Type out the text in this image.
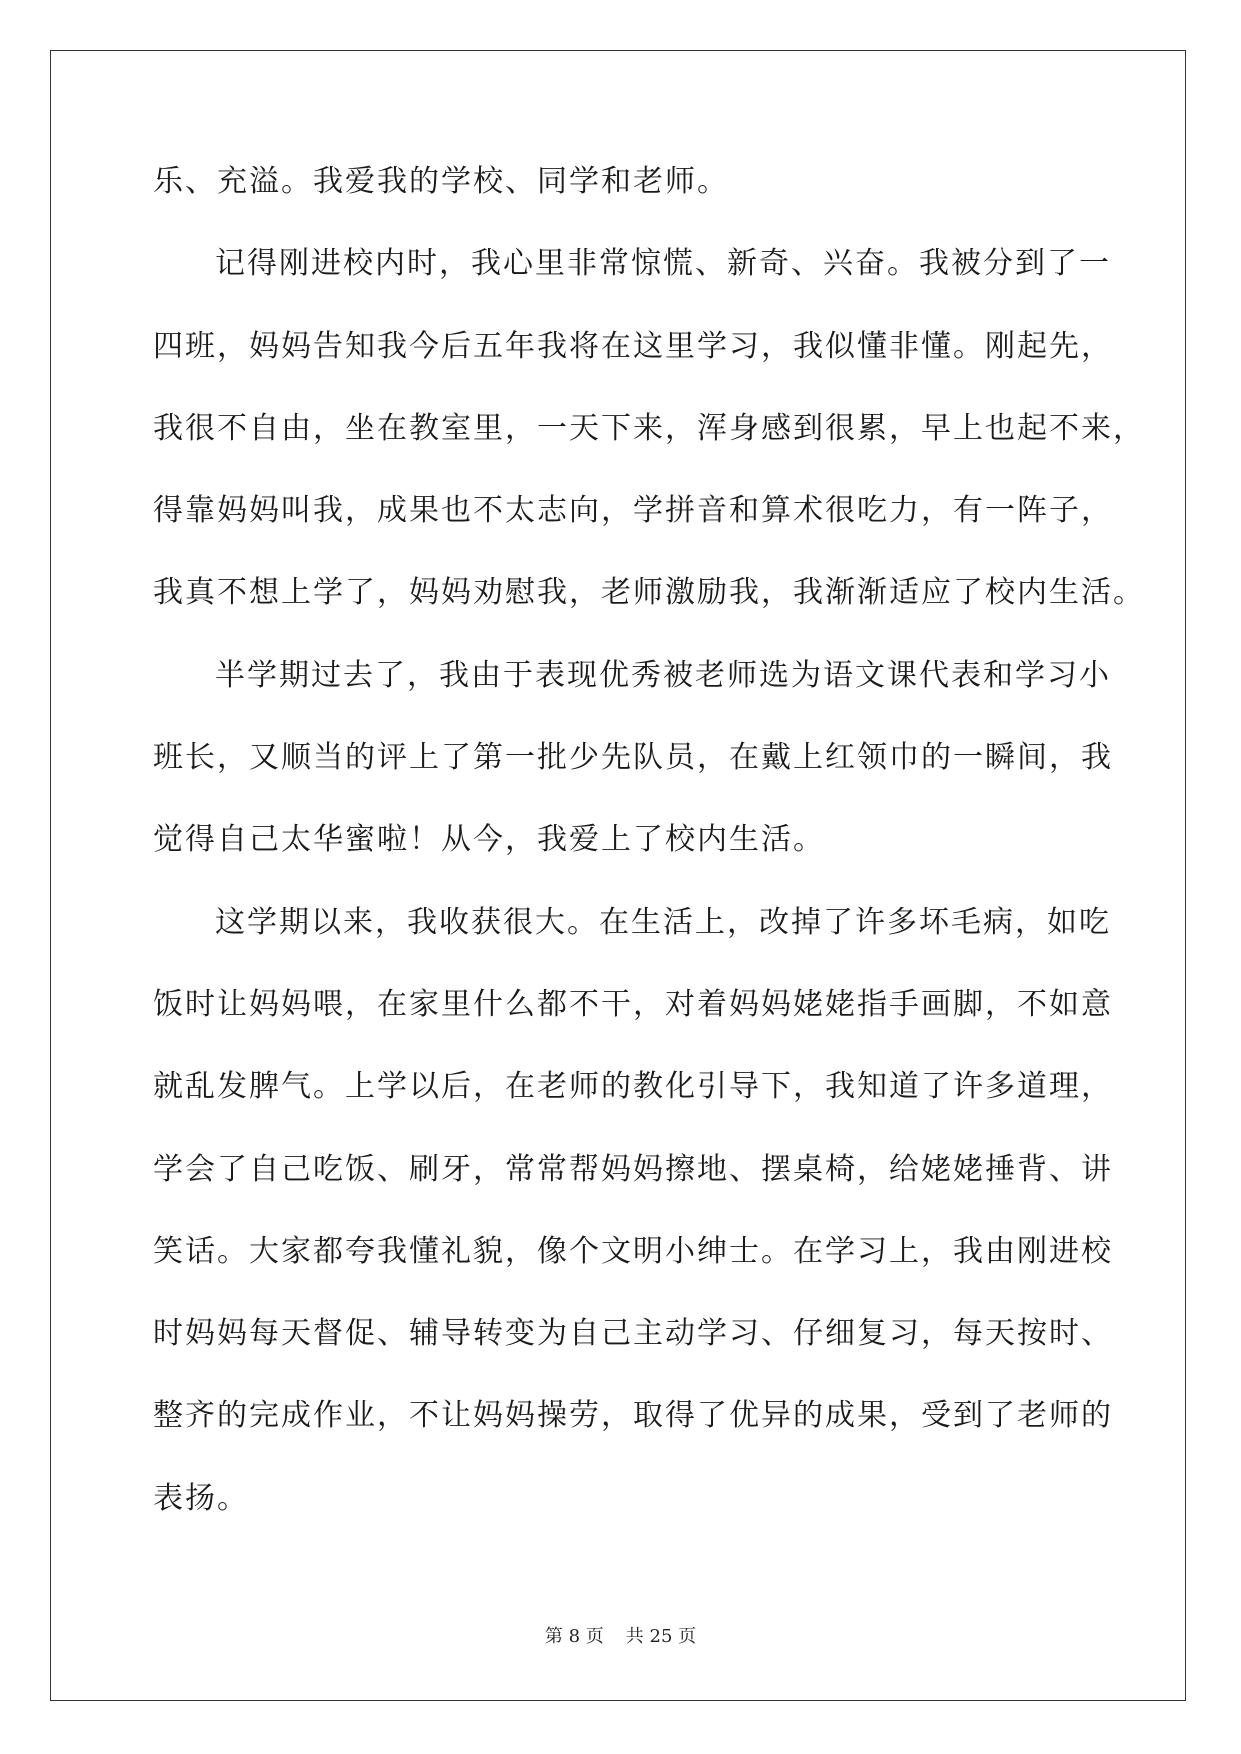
乐、充溢。我爱我的学校、同学和老师。
记得刚进校内时，我心里非常惊慌、新奇、兴奋。我被分到了一
四班，妈妈告知我今后五年我将在这里学习，我似懂非懂。刚起先，
我很不自由，坐在教室里，一天下来，浑身感到很累，早上也起不来，
得靠妈妈叫我，成果也不太志向，学拼音和算术很吃力，有一阵子，
我真不想上学了，妈妈劝慰我，老师激励我，我渐渐适应了校内生活。
半学期过去了，我由于表现优秀被老师选为语文课代表和学习小
班长，又顺当的评上了第一批少先队员，在戴上红领巾的一瞬间，我
觉得自己太华蜜啦！从今，我爱上了校内生活。
这学期以来，我收获很大。在生活上，改掉了许多坏毛病，如吃
饭时让妈妈喂，在家里什么都不干，对着妈妈姥姥指手画脚，不如意
就乱发脾气。上学以后，在老师的教化引导下，我知道了许多道理，
学会了自己吃饭、刷牙，常常帮妈妈擦地、摆桌椅，给姥姥捶背、讲
笑话。大家都夸我懂礼貌，像个文明小绅士。在学习上，我由刚进校
时妈妈每天督促、辅导转变为自己主动学习、仔细复习，每天按时、
整齐的完成作业，不让妈妈操劳，取得了优异的成果，受到了老师的
表扬。
第 8 页 共 25 页
